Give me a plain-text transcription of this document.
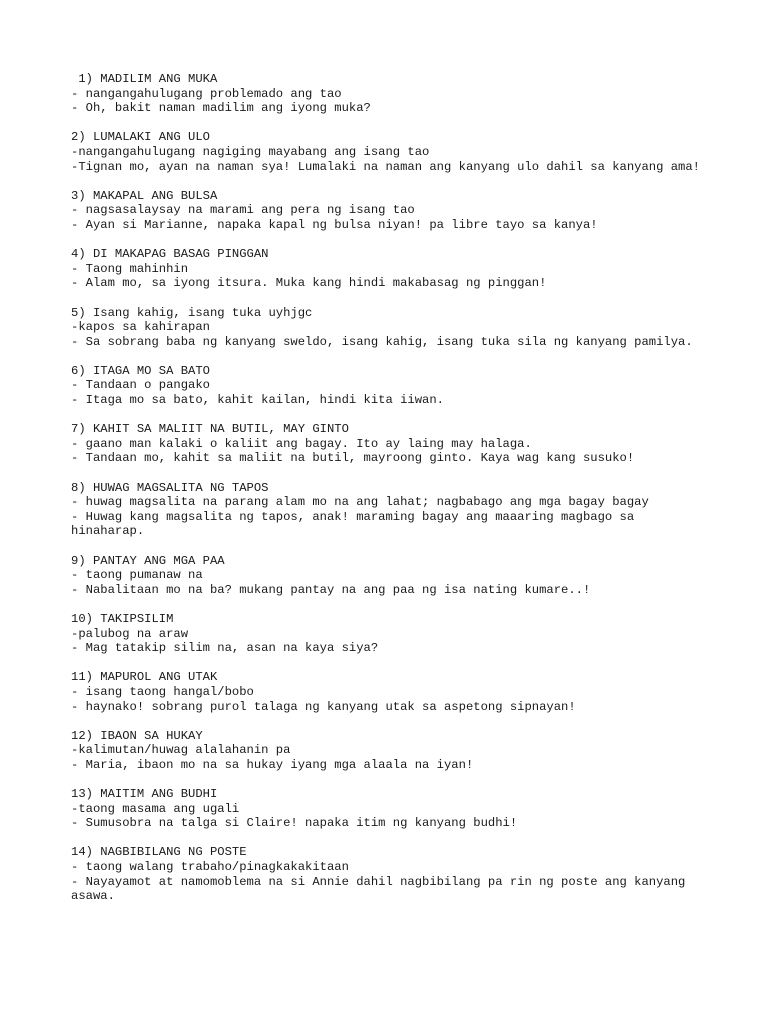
1) MADILIM ANG MUKA
- nangangahulugang problemado ang tao
- Oh, bakit naman madilim ang iyong muka?
2) LUMALAKI ANG ULO
-nangangahulugang nagiging mayabang ang isang tao
-Tignan mo, ayan na naman sya! Lumalaki na naman ang kanyang ulo dahil sa kanyang ama!
3) MAKAPAL ANG BULSA
- nagsasalaysay na marami ang pera ng isang tao
- Ayan si Marianne, napaka kapal ng bulsa niyan! pa libre tayo sa kanya!
4) DI MAKAPAG BASAG PINGGAN
- Taong mahinhin
- Alam mo, sa iyong itsura. Muka kang hindi makabasag ng pinggan!
5) Isang kahig, isang tuka uyhjgc
-kapos sa kahirapan
- Sa sobrang baba ng kanyang sweldo, isang kahig, isang tuka sila ng kanyang pamilya.
6) ITAGA MO SA BATO
- Tandaan o pangako
- Itaga mo sa bato, kahit kailan, hindi kita iiwan.
7) KAHIT SA MALIIT NA BUTIL, MAY GINTO
- gaano man kalaki o kaliit ang bagay. Ito ay laing may halaga.
- Tandaan mo, kahit sa maliit na butil, mayroong ginto. Kaya wag kang susuko!
8) HUWAG MAGSALITA NG TAPOS
- huwag magsalita na parang alam mo na ang lahat; nagbabago ang mga bagay bagay
- Huwag kang magsalita ng tapos, anak! maraming bagay ang maaaring magbago sa hinaharap.
9) PANTAY ANG MGA PAA
- taong pumanaw na
- Nabalitaan mo na ba? mukang pantay na ang paa ng isa nating kumare..!
10) TAKIPSILIM
-palubog na araw
- Mag tatakip silim na, asan na kaya siya?
11) MAPUROL ANG UTAK
- isang taong hangal/bobo
- haynako! sobrang purol talaga ng kanyang utak sa aspetong sipnayan!
12) IBAON SA HUKAY
-kalimutan/huwag alalahanin pa
- Maria, ibaon mo na sa hukay iyang mga alaala na iyan!
13) MAITIM ANG BUDHI
-taong masama ang ugali
- Sumusobra na talga si Claire! napaka itim ng kanyang budhi!
14) NAGBIBILANG NG POSTE
- taong walang trabaho/pinagkakakitaan
- Nayayamot at namomoblema na si Annie dahil nagbibilang pa rin ng poste ang kanyang asawa.
